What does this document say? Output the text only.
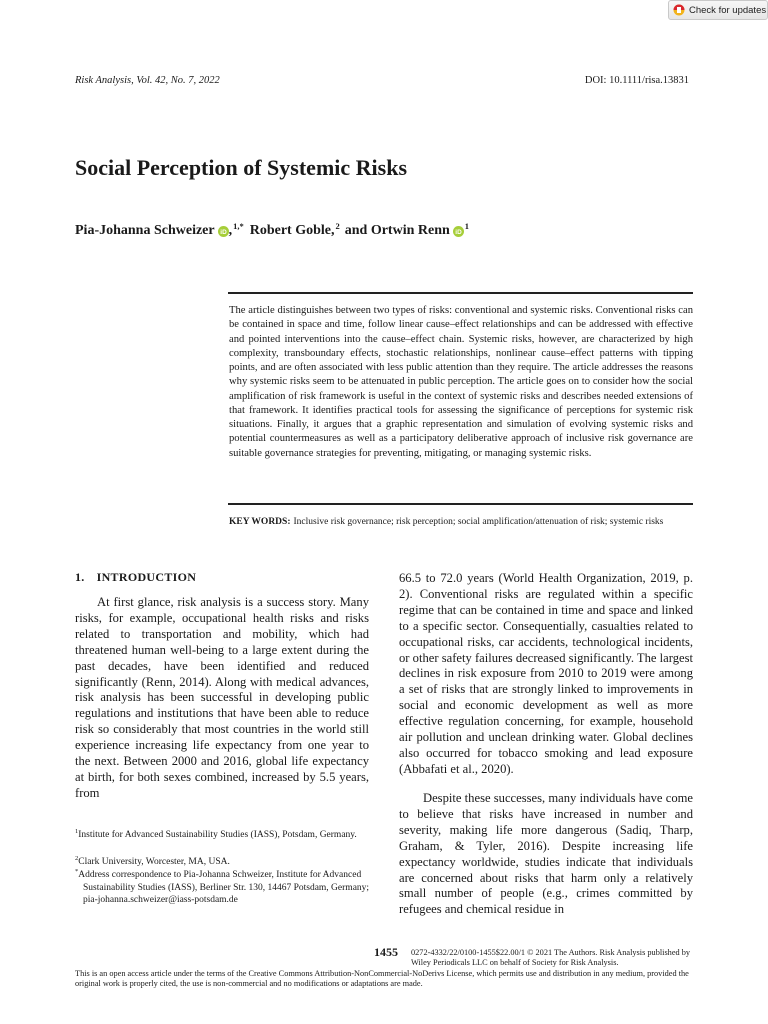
Check for updates
Risk Analysis, Vol. 42, No. 7, 2022	DOI: 10.1111/risa.13831
Social Perception of Systemic Risks
Pia-Johanna Schweizer iD ,$^{1,*}$ Robert Goble,$^2$ and Ortwin Renn iD
$^1$
The article distinguishes between two types of risks: conventional and systemic risks. Conventional risks can be contained in space and time, follow linear cause–effect relationships and can be addressed with effective and pointed interventions into the cause–effect chain. Systemic risks, however, are characterized by high complexity, transboundary effects, stochastic relationships, nonlinear cause–effect patterns with tipping points, and are often associated with less public attention than they require. The article addresses the reasons why systemic risks seem to be attenuated in public perception. The article goes on to consider how the social amplification of risk framework is useful in the context of systemic risks and describes needed extensions of that framework. It identifies practical tools for assessing the significance of perceptions for systemic risk situations. Finally, it argues that a graphic representation and simulation of evolving systemic risks and potential countermeasures as well as a participatory deliberative approach of inclusive risk governance are suitable governance strategies for preventing, mitigating, or managing systemic risks.
KEY WORDS: Inclusive risk governance; risk perception; social amplification/attenuation of risk; systemic risks
1. INTRODUCTION
At first glance, risk analysis is a success story. Many risks, for example, occupational health risks and risks related to transportation and mobility, which had threatened human well-being to a large extent during the past decades, have been identified and reduced significantly (Renn, 2014). Along with medical advances, risk analysis has been successful in developing public regulations and institutions that have been able to reduce risk so considerably that most countries in the world still experience increasing life expectancy from one year to the next. Between 2000 and 2016, global life expectancy at birth, for both sexes combined, increased by 5.5 years, from
66.5 to 72.0 years (World Health Organization, 2019, p. 2). Conventional risks are regulated within a specific regime that can be contained in time and space and linked to a specific sector. Consequentially, casualties related to occupational risks, car accidents, technological incidents, or other safety failures decreased significantly. The largest declines in risk exposure from 2010 to 2019 were among a set of risks that are strongly linked to improvements in social and economic development as well as more effective regulation concerning, for example, household air pollution and unclean drinking water. Global declines also occurred for tobacco smoking and lead exposure (Abbafati et al., 2020).
Despite these successes, many individuals have come to believe that risks have increased in number and severity, making life more dangerous (Sadiq, Tharp, Graham, & Tyler, 2016). Despite increasing life expectancy worldwide, studies indicate that individuals are concerned about risks that harm only a relatively small number of people (e.g., crimes committed by refugees and chemical residue in
$^1$Institute for Advanced Sustainability Studies (IASS), Potsdam, Germany.
$^2$Clark University, Worcester, MA, USA.
*Address correspondence to Pia-Johanna Schweizer, Institute for Advanced Sustainability Studies (IASS), Berliner Str. 130, 14467 Potsdam, Germany; pia-johanna.schweizer@iass-potsdam.de
1455 0272-4332/22/0100-1455$22.00/1 © 2021 The Authors. Risk Analysis published by Wiley Periodicals LLC on behalf of Society for Risk Analysis.
This is an open access article under the terms of the Creative Commons Attribution-NonCommercial-NoDerivs License, which permits use and distribution in any medium, provided the original work is properly cited, the use is non-commercial and no modifications or adaptations are made.
